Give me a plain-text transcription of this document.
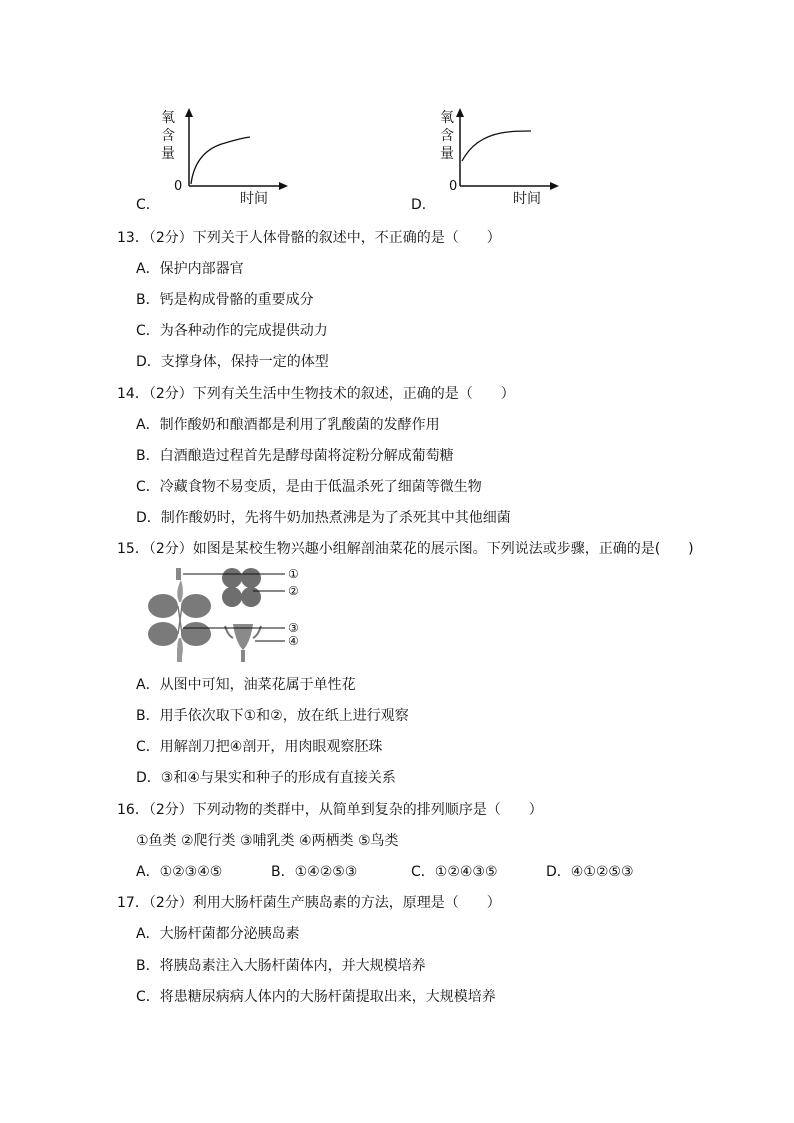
氧
含
量
0
时间
C．
氧
含
量
0
时间
D．
13．（2分）下列关于人体骨骼的叙述中，不正确的是（　　）
A．保护内部器官
B．钙是构成骨骼的重要成分
C．为各种动作的完成提供动力
D．支撑身体，保持一定的体型
14．（2分）下列有关生活中生物技术的叙述，正确的是（　　）
A．制作酸奶和酿酒都是利用了乳酸菌的发酵作用
B．白酒酿造过程首先是酵母菌将淀粉分解成葡萄糖
C．冷藏食物不易变质，是由于低温杀死了细菌等微生物
D．制作酸奶时，先将牛奶加热煮沸是为了杀死其中其他细菌
15．（2分）如图是某校生物兴趣小组解剖油菜花的展示图。下列说法或步骤，正确的是(　　)
①
②
③
④
A．从图中可知，油菜花属于单性花
B．用手依次取下①和②，放在纸上进行观察
C．用解剖刀把④剖开，用肉眼观察胚珠
D．③和④与果实和种子的形成有直接关系
16．（2分）下列动物的类群中，从简单到复杂的排列顺序是（　　）
①鱼类 ②爬行类 ③哺乳类 ④两栖类 ⑤鸟类
A．①②③④⑤	B．①④②⑤③	C．①②④③⑤	D．④①②⑤③
17．（2分）利用大肠杆菌生产胰岛素的方法，原理是（　　）
A．大肠杆菌都分泌胰岛素
B．将胰岛素注入大肠杆菌体内，并大规模培养
C．将患糖尿病病人体内的大肠杆菌提取出来，大规模培养
